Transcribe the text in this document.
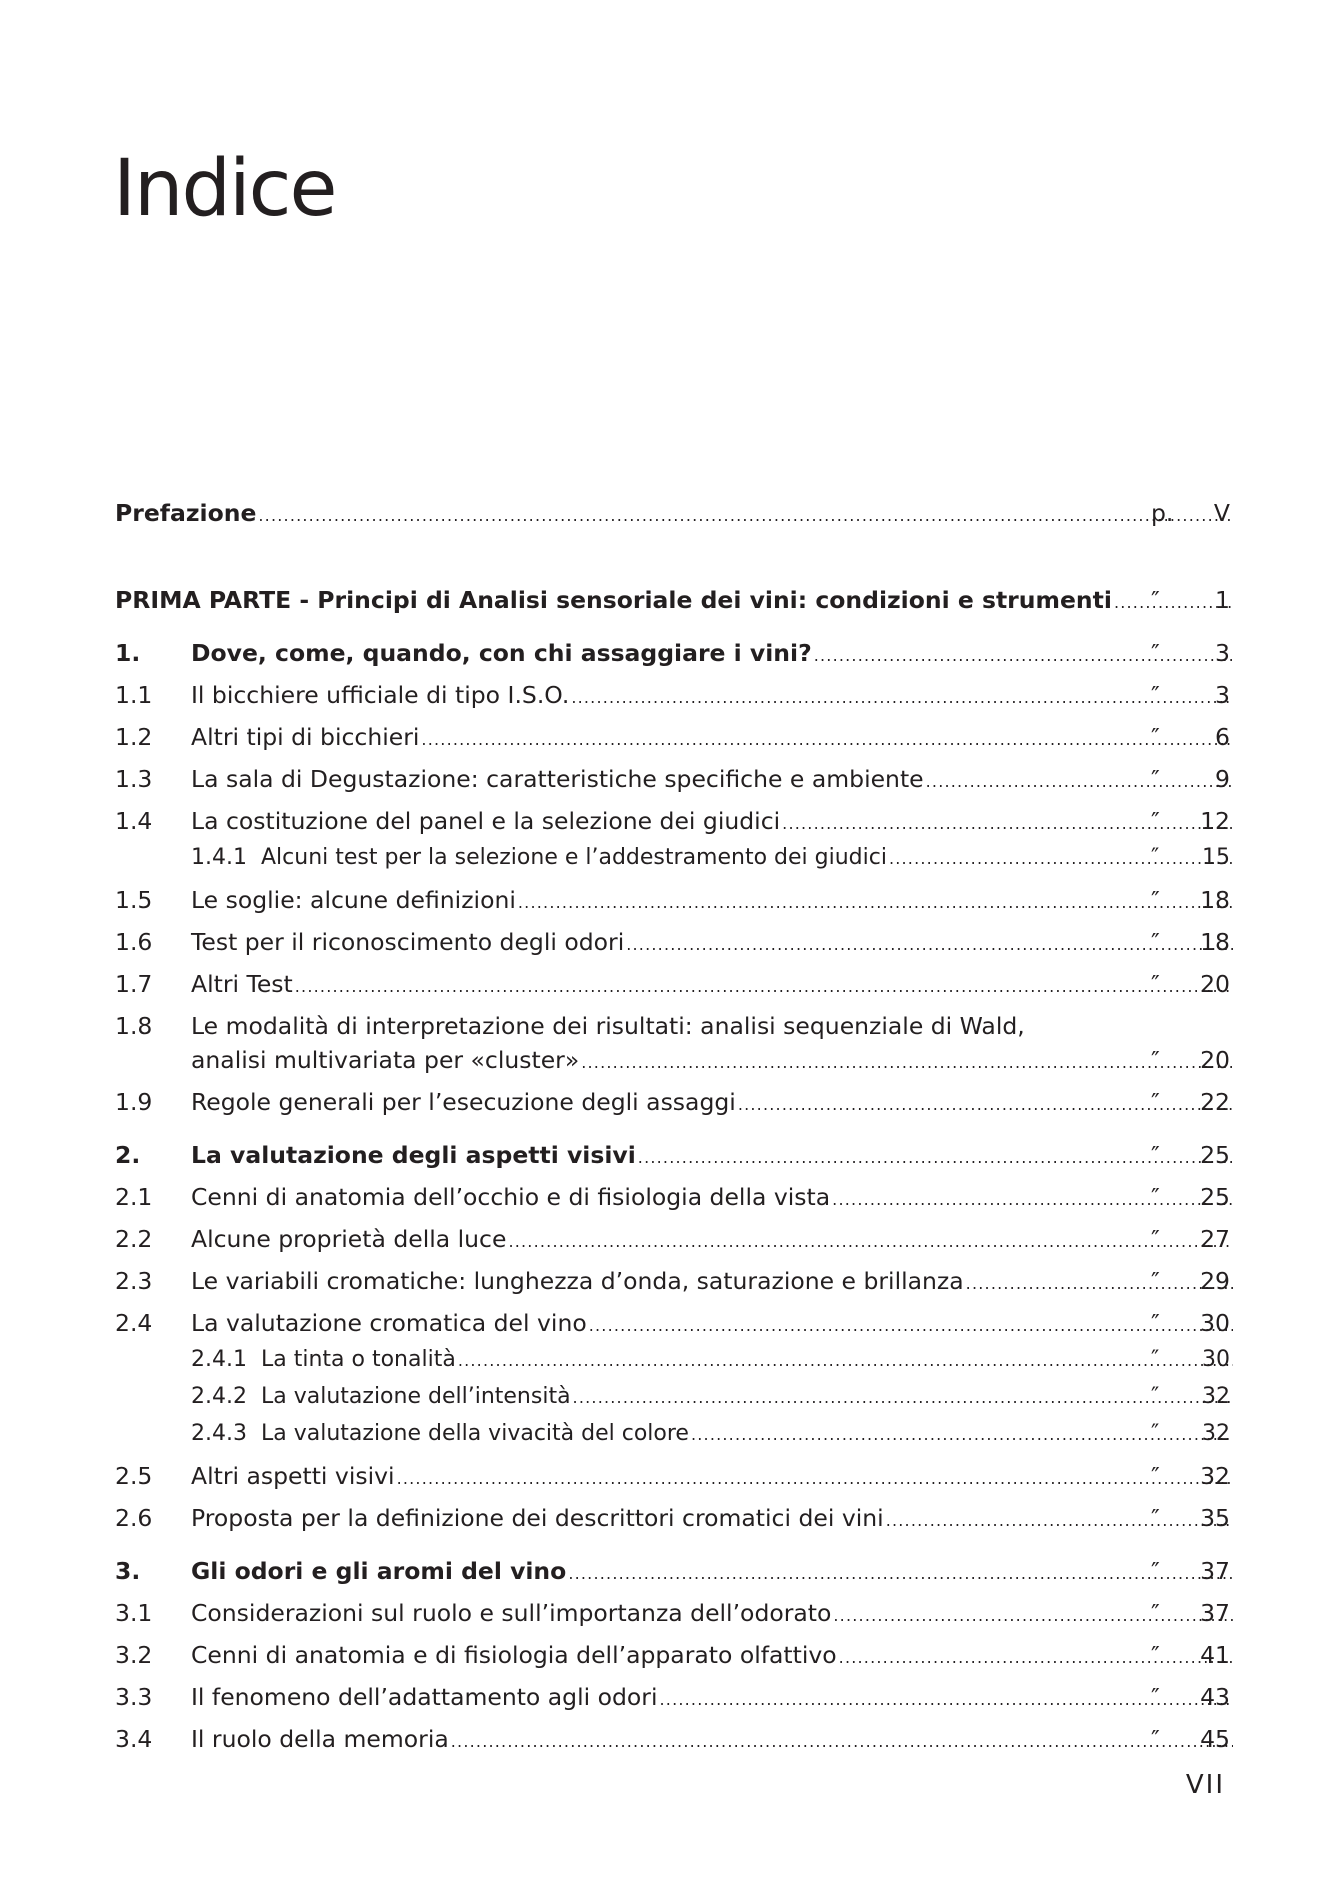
Indice
Prefazione .....	p.	V
PRIMA PARTE - Principi di Analisi sensoriale dei vini: condizioni e strumenti ..... ″	1
1. Dove, come, quando, con chi assaggiare i vini? .....	″	3
1.1 Il bicchiere ufficiale di tipo I.S.O. .....	″	3
1.2 Altri tipi di bicchieri .....	″	6
1.3 La sala di Degustazione: caratteristiche specifiche e ambiente .....	″	9
1.4 La costituzione del panel e la selezione dei giudici .....	″	12
1.4.1 Alcuni test per la selezione e l’addestramento dei giudici .....	″	15
1.5 Le soglie: alcune definizioni .....	″	18
1.6 Test per il riconoscimento degli odori .....	″	18
1.7 Altri Test .....	″	20
1.8 Le modalità di interpretazione dei risultati: analisi sequenziale di Wald,
analisi multivariata per «cluster» .....	″	20
1.9 Regole generali per l’esecuzione degli assaggi .....	″	22
2. La valutazione degli aspetti visivi .....	″	25
2.1 Cenni di anatomia dell’occhio e di fisiologia della vista .....	″	25
2.2 Alcune proprietà della luce .....	″	27
2.3 Le variabili cromatiche: lunghezza d’onda, saturazione e brillanza .....	″	29
2.4 La valutazione cromatica del vino .....	″	30
2.4.1 La tinta o tonalità .....	″	30
2.4.2 La valutazione dell’intensità .....	″	32
2.4.3 La valutazione della vivacità del colore .....	″	32
2.5 Altri aspetti visivi .....	″	32
2.6 Proposta per la definizione dei descrittori cromatici dei vini .....	″	35
3. Gli odori e gli aromi del vino .....	″	37
3.1 Considerazioni sul ruolo e sull’importanza dell’odorato .....	″	37
3.2 Cenni di anatomia e di fisiologia dell’apparato olfattivo .....	″	41
3.3 Il fenomeno dell’adattamento agli odori .....	″	43
3.4 Il ruolo della memoria .....	″	45
VII
